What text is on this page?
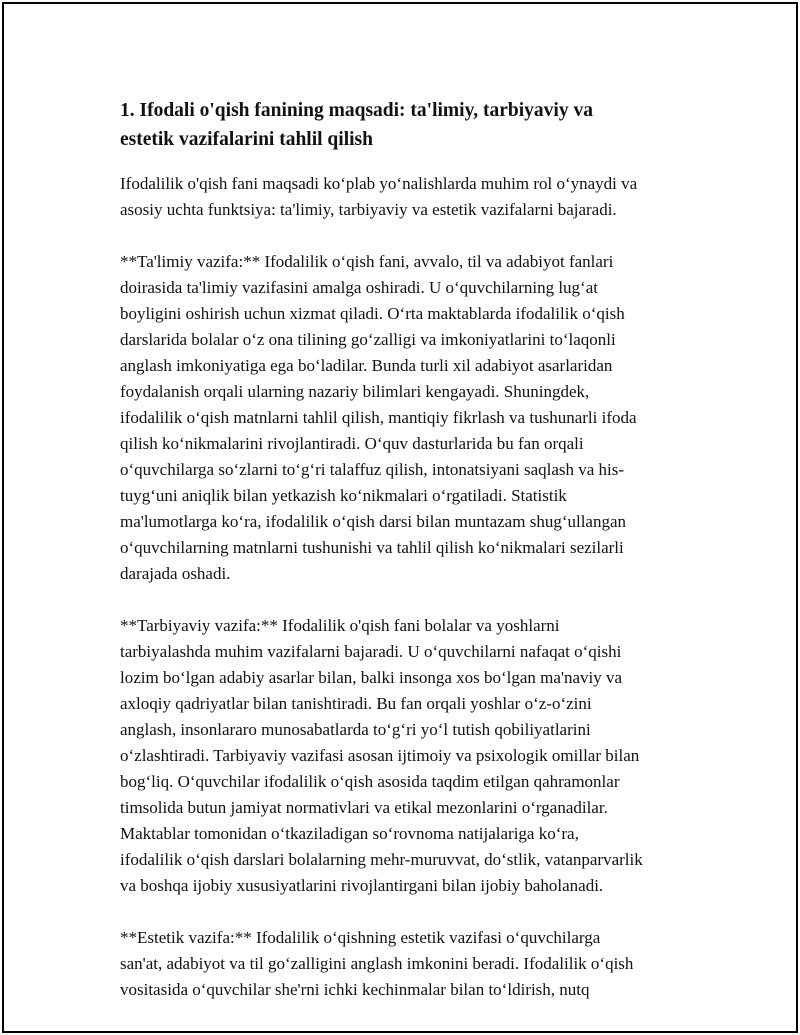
1. Ifodali o'qish fanining maqsadi: ta'limiy, tarbiyaviy va
estetik vazifalarini tahlil qilish

Ifodalilik o'qish fani maqsadi koʻplab yoʻnalishlarda muhim rol oʻynaydi va
asosiy uchta funktsiya: ta'limiy, tarbiyaviy va estetik vazifalarni bajaradi.

**Ta'limiy vazifa:** Ifodalilik oʻqish fani, avvalo, til va adabiyot fanlari
doirasida ta'limiy vazifasini amalga oshiradi. U oʻquvchilarning lugʻat
boyligini oshirish uchun xizmat qiladi. Oʻrta maktablarda ifodalilik oʻqish
darslarida bolalar oʻz ona tilining goʻzalligi va imkoniyatlarini toʻlaqonli
anglash imkoniyatiga ega boʻladilar. Bunda turli xil adabiyot asarlaridan
foydalanish orqali ularning nazariy bilimlari kengayadi. Shuningdek,
ifodalilik oʻqish matnlarni tahlil qilish, mantiqiy fikrlash va tushunarli ifoda
qilish koʻnikmalarini rivojlantiradi. Oʻquv dasturlarida bu fan orqali
oʻquvchilarga soʻzlarni toʻgʻri talaffuz qilish, intonatsiyani saqlash va his-
tuygʻuni aniqlik bilan yetkazish koʻnikmalari oʻrgatiladi. Statistik
ma'lumotlarga koʻra, ifodalilik oʻqish darsi bilan muntazam shugʻullangan
oʻquvchilarning matnlarni tushunishi va tahlil qilish koʻnikmalari sezilarli
darajada oshadi.

**Tarbiyaviy vazifa:** Ifodalilik o'qish fani bolalar va yoshlarni
tarbiyalashda muhim vazifalarni bajaradi. U oʻquvchilarni nafaqat oʻqishi
lozim boʻlgan adabiy asarlar bilan, balki insonga xos boʻlgan ma'naviy va
axloqiy qadriyatlar bilan tanishtiradi. Bu fan orqali yoshlar oʻz-oʻzini
anglash, insonlararo munosabatlarda toʻgʻri yoʻl tutish qobiliyatlarini
oʻzlashtiradi. Tarbiyaviy vazifasi asosan ijtimoiy va psixologik omillar bilan
bogʻliq. Oʻquvchilar ifodalilik oʻqish asosida taqdim etilgan qahramonlar
timsolida butun jamiyat normativlari va etikal mezonlarini oʻrganadilar.
Maktablar tomonidan oʻtkaziladigan soʻrovnoma natijalariga koʻra,
ifodalilik oʻqish darslari bolalarning mehr-muruvvat, doʻstlik, vatanparvarlik
va boshqa ijobiy xususiyatlarini rivojlantirgani bilan ijobiy baholanadi.

**Estetik vazifa:** Ifodalilik oʻqishning estetik vazifasi oʻquvchilarga
san'at, adabiyot va til goʻzalligini anglash imkonini beradi. Ifodalilik oʻqish
vositasida oʻquvchilar she'rni ichki kechinmalar bilan toʻldirish, nutq
